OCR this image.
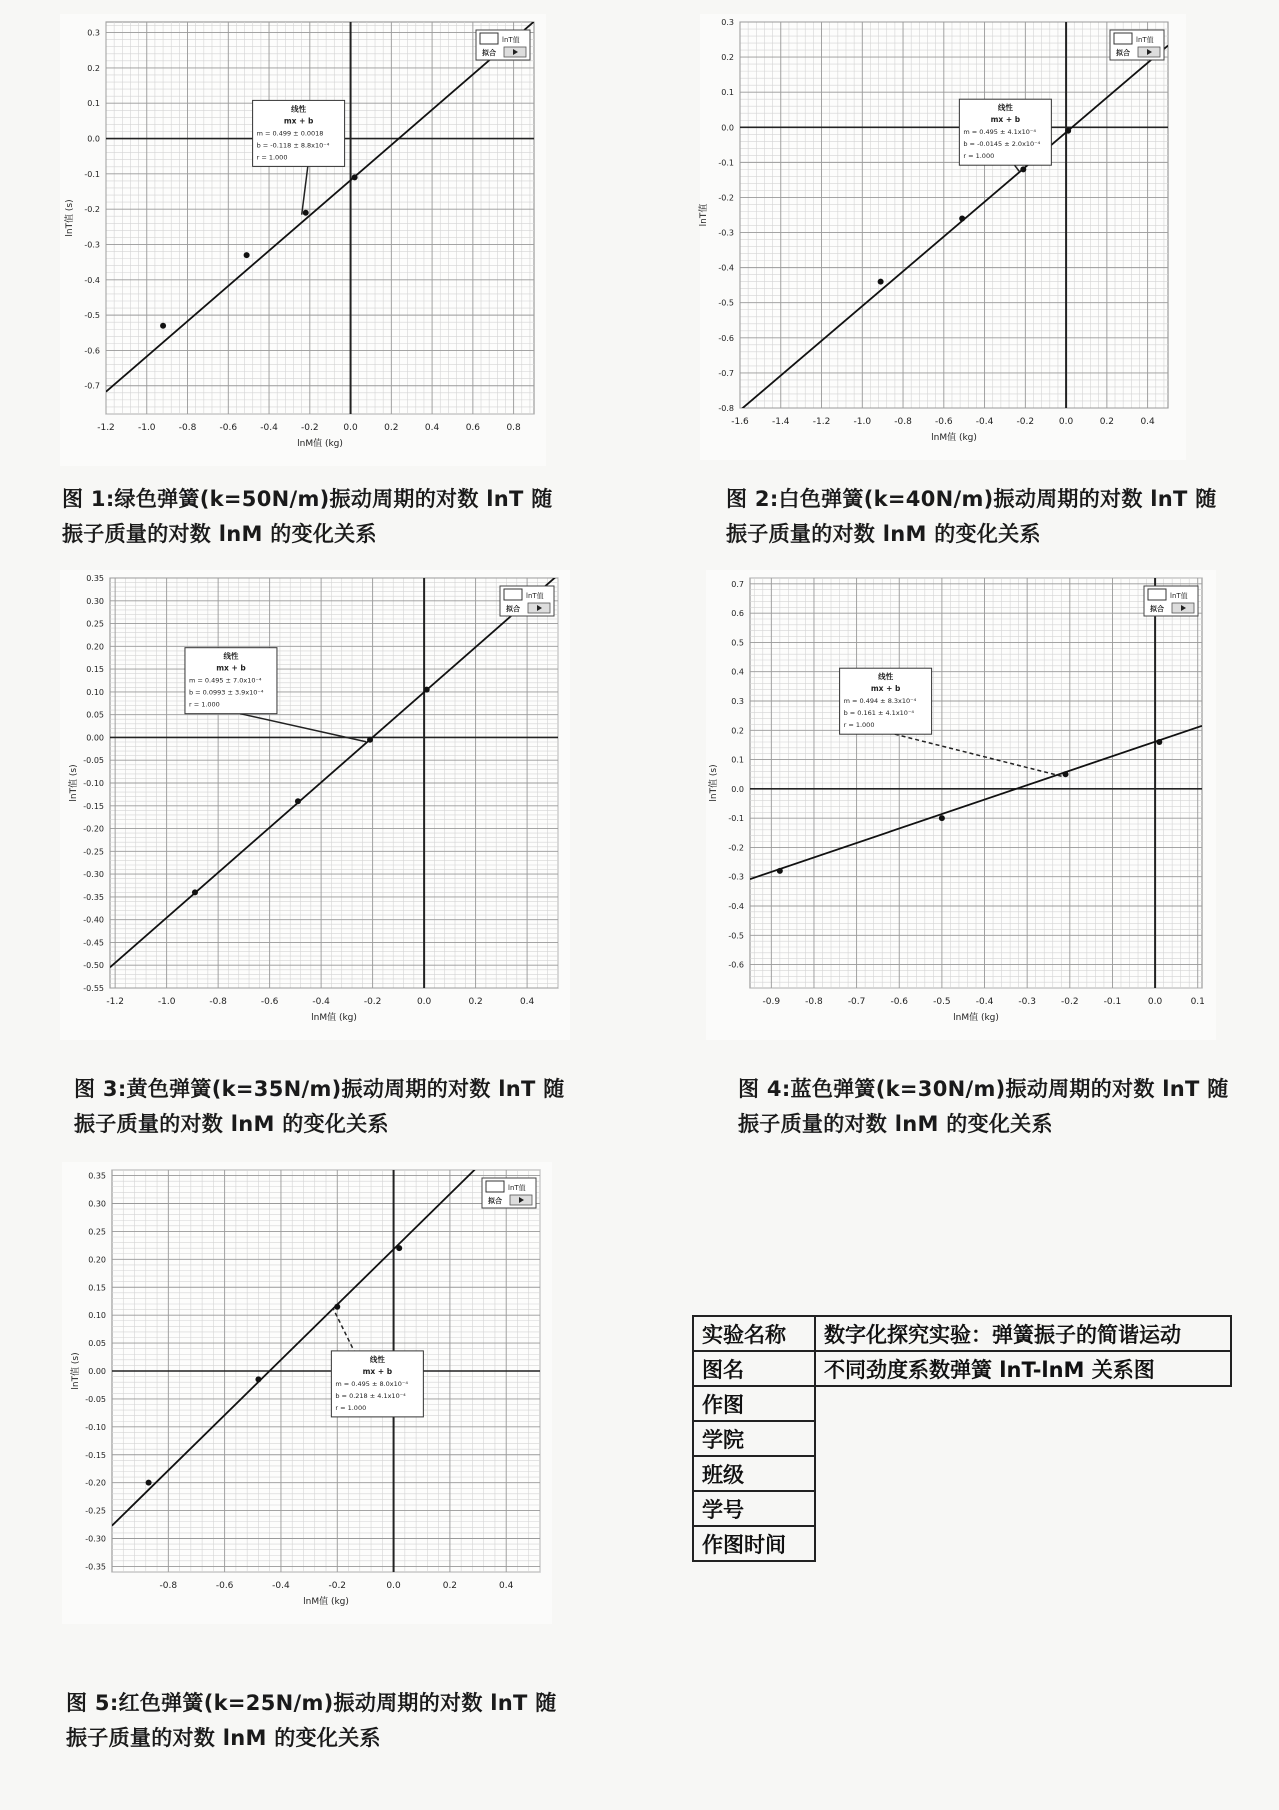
-1.2	-1.0	-0.8	-0.6	-0.4	-0.2	0.0	0.2	0.4	0.6	0.8
0.3
0.2
0.1
0.0
-0.1
-0.2
-0.3
-0.4
-0.5
-0.6
-0.7
lnM值 (kg)
lnT值 (s)
线性
mx + b
m = 0.499 ± 0.0018
b = -0.118 ± 8.8x10⁻⁴
r = 1.000
lnT值
拟合
-1.6	-1.4	-1.2	-1.0	-0.8	-0.6	-0.4	-0.2	0.0	0.2	0.4
0.3
0.2
0.1
0.0
-0.1
-0.2
-0.3
-0.4
-0.5
-0.6
-0.7
-0.8
lnM值 (kg)
lnT值
线性
mx + b
m = 0.495 ± 4.1x10⁻⁴
b = -0.0145 ± 2.0x10⁻⁴
r = 1.000
lnT值
拟合
-1.2	-1.0	-0.8	-0.6	-0.4	-0.2	0.0	0.2	0.4
0.35
0.30
0.25
0.20
0.15
0.10
0.05
0.00
-0.05
-0.10
-0.15
-0.20
-0.25
-0.30
-0.35
-0.40
-0.45
-0.50
-0.55
lnM值 (kg)
lnT值 (s)
线性
mx + b
m = 0.495 ± 7.0x10⁻⁴
b = 0.0993 ± 3.9x10⁻⁴
r = 1.000
lnT值
拟合
-0.9	-0.8	-0.7	-0.6	-0.5	-0.4	-0.3	-0.2	-0.1	0.0	0.1
0.7
0.6
0.5
0.4
0.3
0.2
0.1
0.0
-0.1
-0.2
-0.3
-0.4
-0.5
-0.6
lnM值 (kg)
lnT值 (s)
线性
mx + b
m = 0.494 ± 8.3x10⁻⁴
b = 0.161 ± 4.1x10⁻⁴
r = 1.000
lnT值
拟合
-0.8	-0.6	-0.4	-0.2	0.0	0.2	0.4
0.35
0.30
0.25
0.20
0.15
0.10
0.05
0.00
-0.05
-0.10
-0.15
-0.20
-0.25
-0.30
-0.35
lnM值 (kg)
lnT值 (s)	线性
mx + b
m = 0.495 ± 8.0x10⁻⁴
b = 0.218 ± 4.1x10⁻⁴
r = 1.000
lnT值
拟合
图 1:绿色弹簧(k=50N/m)振动周期的对数 lnT 随
振子质量的对数 lnM 的变化关系
图 2:白色弹簧(k=40N/m)振动周期的对数 lnT 随
振子质量的对数 lnM 的变化关系
图 3:黄色弹簧(k=35N/m)振动周期的对数 lnT 随
振子质量的对数 lnM 的变化关系
图 4:蓝色弹簧(k=30N/m)振动周期的对数 lnT 随
振子质量的对数 lnM 的变化关系
图 5:红色弹簧(k=25N/m)振动周期的对数 lnT 随
振子质量的对数 lnM 的变化关系
实验名称	数字化探究实验：弹簧振子的简谐运动
图名	不同劲度系数弹簧 lnT-lnM 关系图
作图	
学院	
班级	
学号	
作图时间	
